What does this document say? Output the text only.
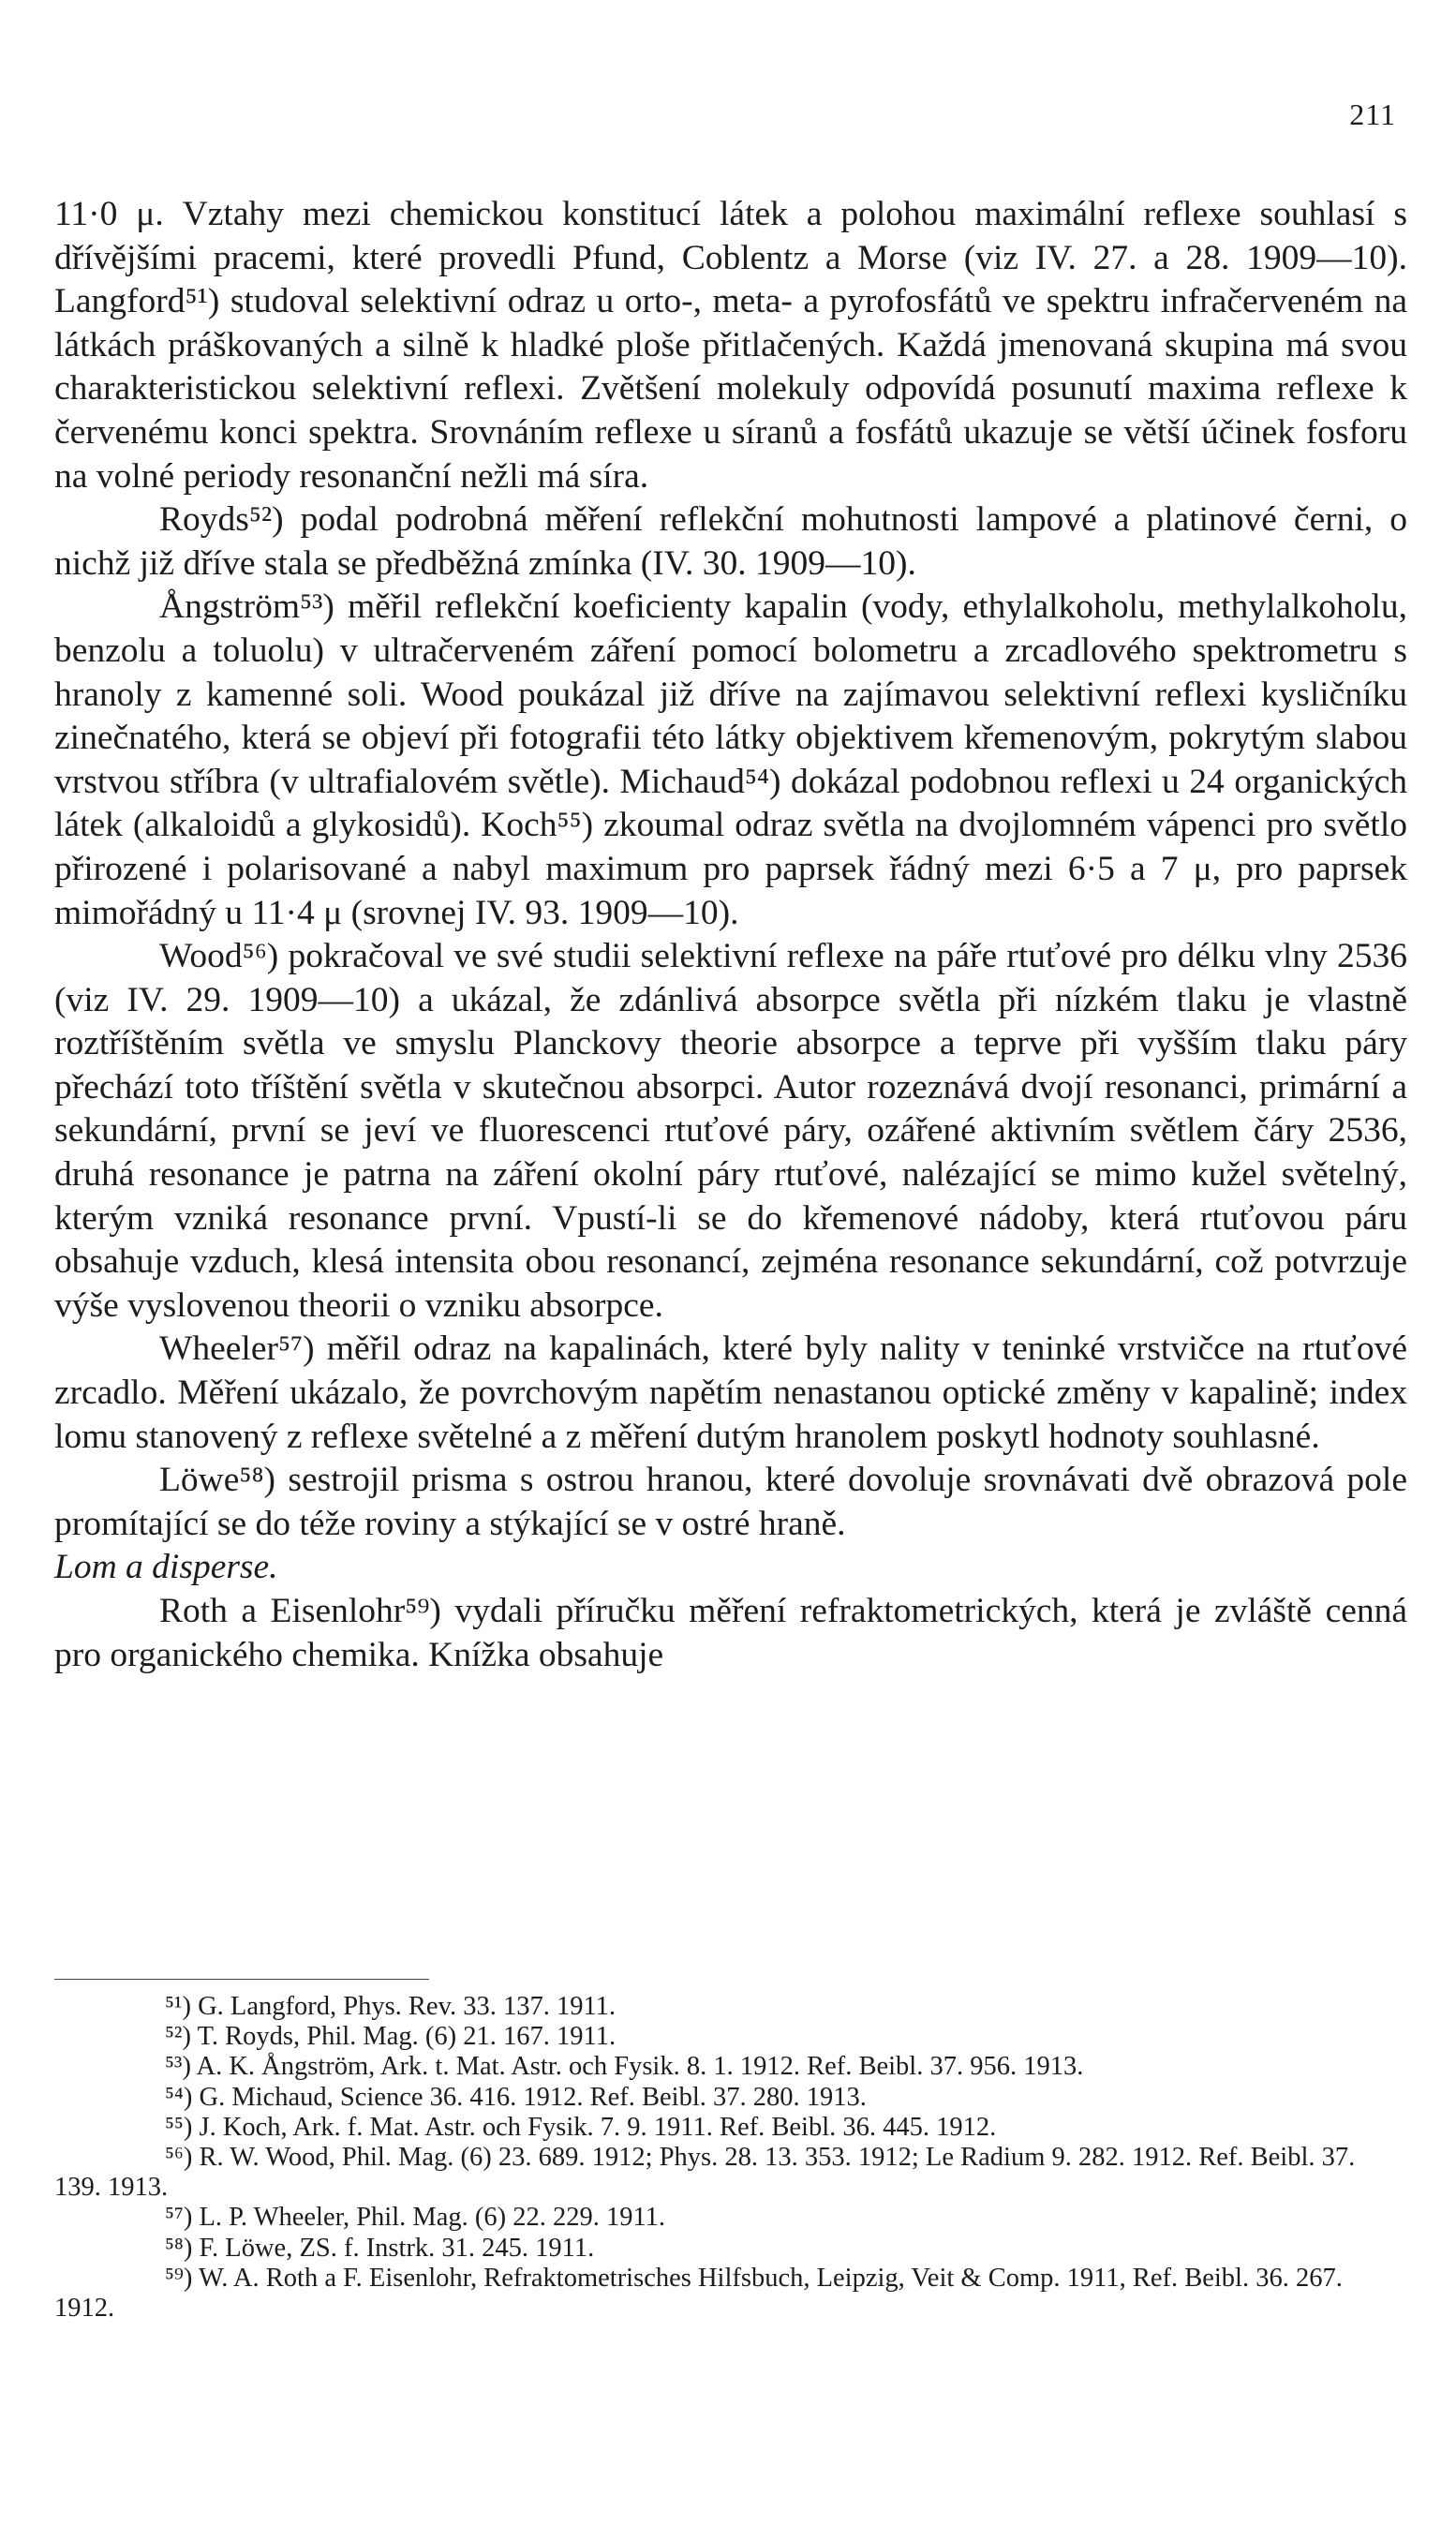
211

11·0 μ. Vztahy mezi chemickou konstitucí látek a polohou maximální reflexe souhlasí s dřívějšími pracemi, které provedli Pfund, Coblentz a Morse (viz IV. 27. a 28. 1909—10). Langford⁵¹) studoval selektivní odraz u orto-, meta- a pyrofosfátů ve spektru infračerveném na látkách práškovaných a silně k hladké ploše přitlačených. Každá jmenovaná skupina má svou charakteristickou selektivní reflexi. Zvětšení molekuly odpovídá posunutí maxima reflexe k červenému konci spektra. Srovnáním reflexe u síranů a fosfátů ukazuje se větší účinek fosforu na volné periody resonanční nežli má síra.

Royds⁵²) podal podrobná měření reflekční mohutnosti lampové a platinové černi, o nichž již dříve stala se předběžná zmínka (IV. 30. 1909—10).

Ångström⁵³) měřil reflekční koeficienty kapalin (vody, ethylalkoholu, methylalkoholu, benzolu a toluolu) v ultračerveném záření pomocí bolometru a zrcadlového spektrometru s hranoly z kamenné soli. Wood poukázal již dříve na zajímavou selektivní reflexi kysličníku zinečnatého, která se objeví při fotografii této látky objektivem křemenovým, pokrytým slabou vrstvou stříbra (v ultrafialovém světle). Michaud⁵⁴) dokázal podobnou reflexi u 24 organických látek (alkaloidů a glykosidů). Koch⁵⁵) zkoumal odraz světla na dvojlomném vápenci pro světlo přirozené i polarisované a nabyl maximum pro paprsek řádný mezi 6·5 a 7 μ, pro paprsek mimořádný u 11·4 μ (srovnej IV. 93. 1909—10).

Wood⁵⁶) pokračoval ve své studii selektivní reflexe na páře rtuťové pro délku vlny 2536 (viz IV. 29. 1909—10) a ukázal, že zdánlivá absorpce světla při nízkém tlaku je vlastně roztříštěním světla ve smyslu Planckovy theorie absorpce a teprve při vyšším tlaku páry přechází toto tříštění světla v skutečnou absorpci. Autor rozeznává dvojí resonanci, primární a sekundární, první se jeví ve fluorescenci rtuťové páry, ozářené aktivním světlem čáry 2536, druhá resonance je patrna na záření okolní páry rtuťové, nalézající se mimo kužel světelný, kterým vzniká resonance první. Vpustí-li se do křemenové nádoby, která rtuťovou páru obsahuje vzduch, klesá intensita obou resonancí, zejména resonance sekundární, což potvrzuje výše vyslovenou theorii o vzniku absorpce.

Wheeler⁵⁷) měřil odraz na kapalinách, které byly nality v teninké vrstvičce na rtuťové zrcadlo. Měření ukázalo, že povrchovým napětím nenastanou optické změny v kapalině; index lomu stanovený z reflexe světelné a z měření dutým hranolem poskytl hodnoty souhlasné.

Löwe⁵⁸) sestrojil prisma s ostrou hranou, které dovoluje srovnávati dvě obrazová pole promítající se do téže roviny a stýkající se v ostré hraně.

Lom a disperse.

Roth a Eisenlohr⁵⁹) vydali příručku měření refraktometrických, která je zvláště cenná pro organického chemika. Knížka obsahuje

⁵¹) G. Langford, Phys. Rev. 33. 137. 1911.

⁵²) T. Royds, Phil. Mag. (6) 21. 167. 1911.

⁵³) A. K. Ångström, Ark. t. Mat. Astr. och Fysik. 8. 1. 1912. Ref. Beibl. 37. 956. 1913.

⁵⁴) G. Michaud, Science 36. 416. 1912. Ref. Beibl. 37. 280. 1913.

⁵⁵) J. Koch, Ark. f. Mat. Astr. och Fysik. 7. 9. 1911. Ref. Beibl. 36. 445. 1912.

⁵⁶) R. W. Wood, Phil. Mag. (6) 23. 689. 1912; Phys. 28. 13. 353. 1912; Le Radium 9. 282. 1912. Ref. Beibl. 37. 139. 1913.

⁵⁷) L. P. Wheeler, Phil. Mag. (6) 22. 229. 1911.

⁵⁸) F. Löwe, ZS. f. Instrk. 31. 245. 1911.

⁵⁹) W. A. Roth a F. Eisenlohr, Refraktometrisches Hilfsbuch, Leipzig, Veit & Comp. 1911, Ref. Beibl. 36. 267. 1912.
